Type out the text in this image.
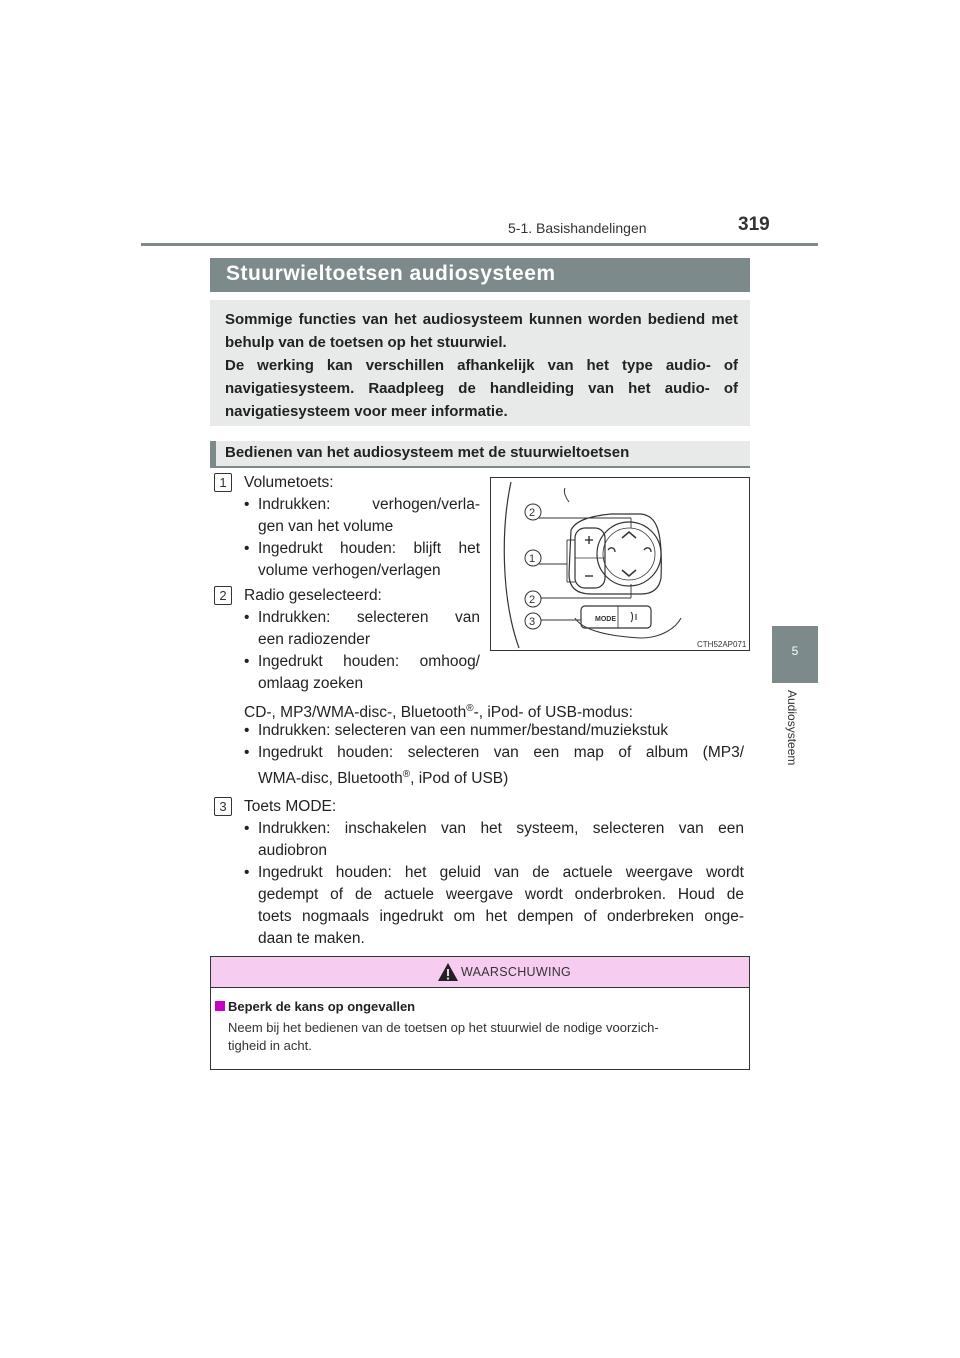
5-1. Basishandelingen	319
5
Audiosysteem
Stuurwieltoetsen audiosysteem

Sommige functies van het audiosysteem kunnen worden bediend met behulp van de toetsen op het stuurwiel.

De werking kan verschillen afhankelijk van het type audio- of navigatiesysteem. Raadpleeg de handleiding van het audio- of navigatiesysteem voor meer informatie.

Bedienen van het audiosysteem met de stuurwieltoetsen
1	Volumetoets:
• Indrukken: verhogen/verla-
gen van het volume
• Ingedrukt houden: blijft het
volume verhogen/verlagen
2	Radio geselecteerd:
• Indrukken: selecteren van
een radiozender
• Ingedrukt houden: omhoog/
omlaag zoeken
CD-, MP3/WMA-disc-, Bluetooth®-, iPod- of USB-modus:
• Indrukken: selecteren van een nummer/bestand/muziekstuk
• Ingedrukt houden: selecteren van een map of album (MP3/
WMA-disc, Bluetooth®, iPod of USB)
3	Toets MODE:
• Indrukken: inschakelen van het systeem, selecteren van een
audiobron
• Ingedrukt houden: het geluid van de actuele weergave wordt
gedempt of de actuele weergave wordt onderbroken. Houd de
toets nogmaals ingedrukt om het dempen of onderbreken onge-
daan te maken.
MODE
2
1
2
3
CTH52AP071
WAARSCHUWING
Beperk de kans op ongevallen
Neem bij het bedienen van de toetsen op het stuurwiel de nodige voorzich-
tigheid in acht.
